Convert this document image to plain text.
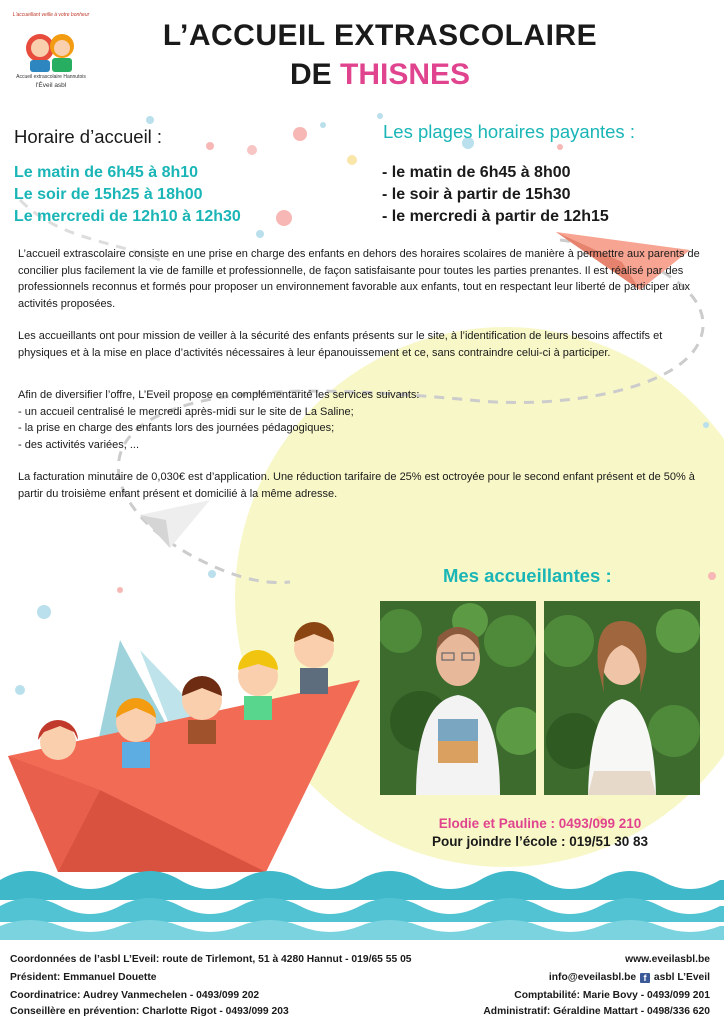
L'accueillant veille à votre bonheur
Accueil extrascolaire Hannutois
l'Éveil asbl
L’ACCUEIL EXTRASCOLAIRE
DE THISNES
Horaire d’accueil :
Le matin de 6h45 à 8h10
Le soir de 15h25 à 18h00
Le mercredi de 12h10 à 12h30
Les plages horaires payantes :
- le matin de 6h45 à 8h00
- le soir à partir de 15h30
- le mercredi à partir de 12h15

L’accueil extrascolaire consiste en une prise en charge des enfants en dehors des horaires scolaires de manière à permettre aux parents de concilier plus facilement la vie de famille et professionnelle, de façon satisfaisante pour toutes les parties prenantes. Il est réalisé par des professionnels reconnus et formés pour proposer un environnement favorable aux enfants, tout en respectant leur liberté de participer aux activités proposées.

Les accueillants ont pour mission de veiller à la sécurité des enfants présents sur le site, à l’identification de leurs besoins affectifs et physiques et à la mise en place d’activités nécessaires à leur épanouissement et ce, sans contraindre celui-ci à participer.

Afin de diversifier l’offre, L’Eveil propose en complémentarité les services suivants:
- un accueil centralisé le mercredi après-midi sur le site de La Saline;
- la prise en charge des enfants lors des journées pédagogiques;
- des activités variées, ...

La facturation minutaire de 0,030€ est d’application. Une réduction tarifaire de 25% est octroyée pour le second enfant présent et de 50% à partir du troisième enfant présent et domicilié à la même adresse.

Mes accueillantes :
Elodie et Pauline : 0493/099 210
Pour joindre l’école : 019/51 30 83
Coordonnées de l’asbl L’Eveil: route de Tirlemont, 51 à 4280 Hannut - 019/65 55 05
Président: Emmanuel Douette
Coordinatrice: Audrey Vanmechelen - 0493/099 202
Conseillère en prévention: Charlotte Rigot - 0493/099 203
www.eveilasbl.be
info@eveilasbl.be f asbl L’Eveil
Comptabilité: Marie Bovy - 0493/099 201
Administratif: Géraldine Mattart - 0498/336 620
